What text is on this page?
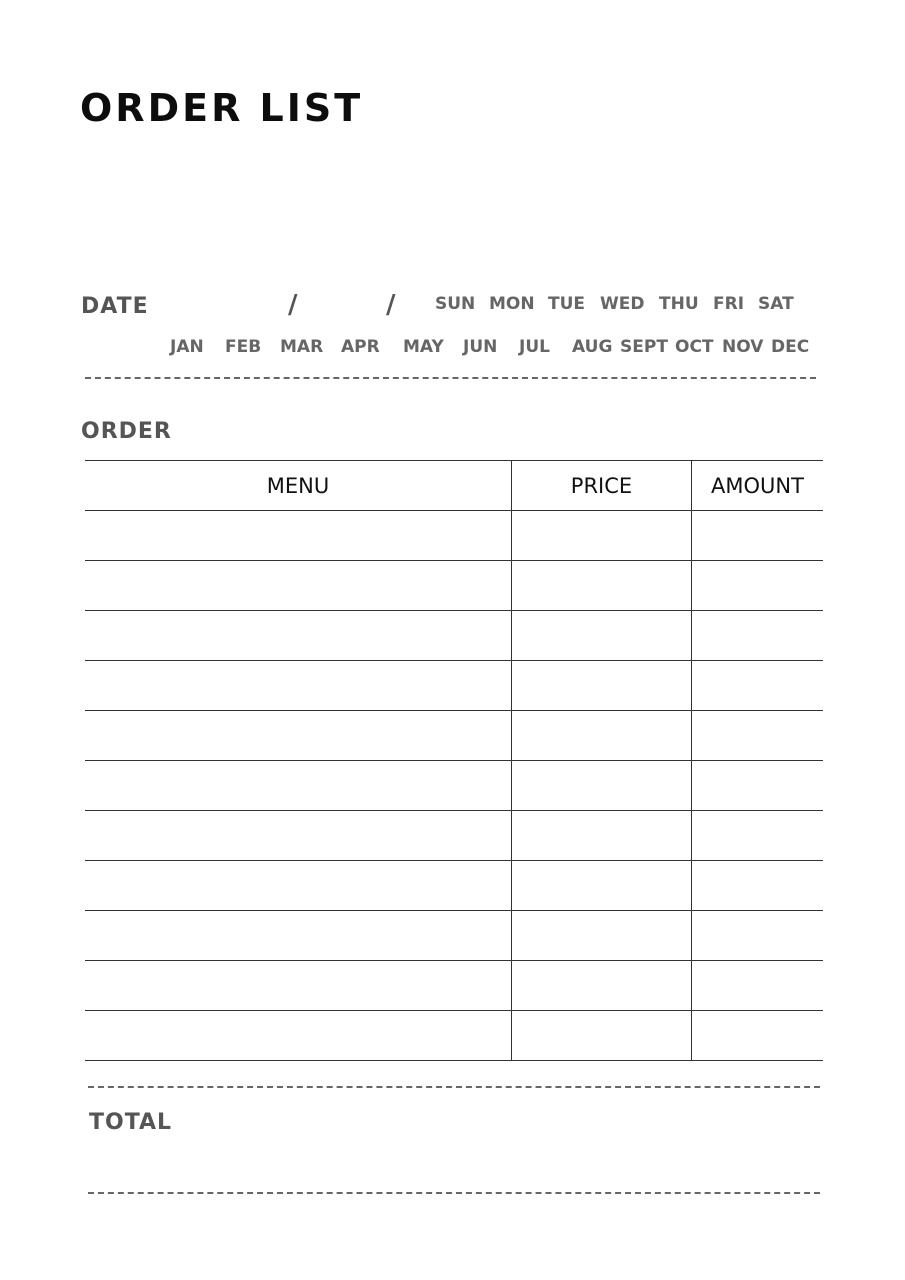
ORDER LIST
DATE	/	/ SUN MON TUE WED THU FRI SAT
JAN FEB MAR APR MAY JUN JUL AUG SEPT OCT NOV DEC
ORDER
MENU	PRICE	AMOUNT

TOTAL
